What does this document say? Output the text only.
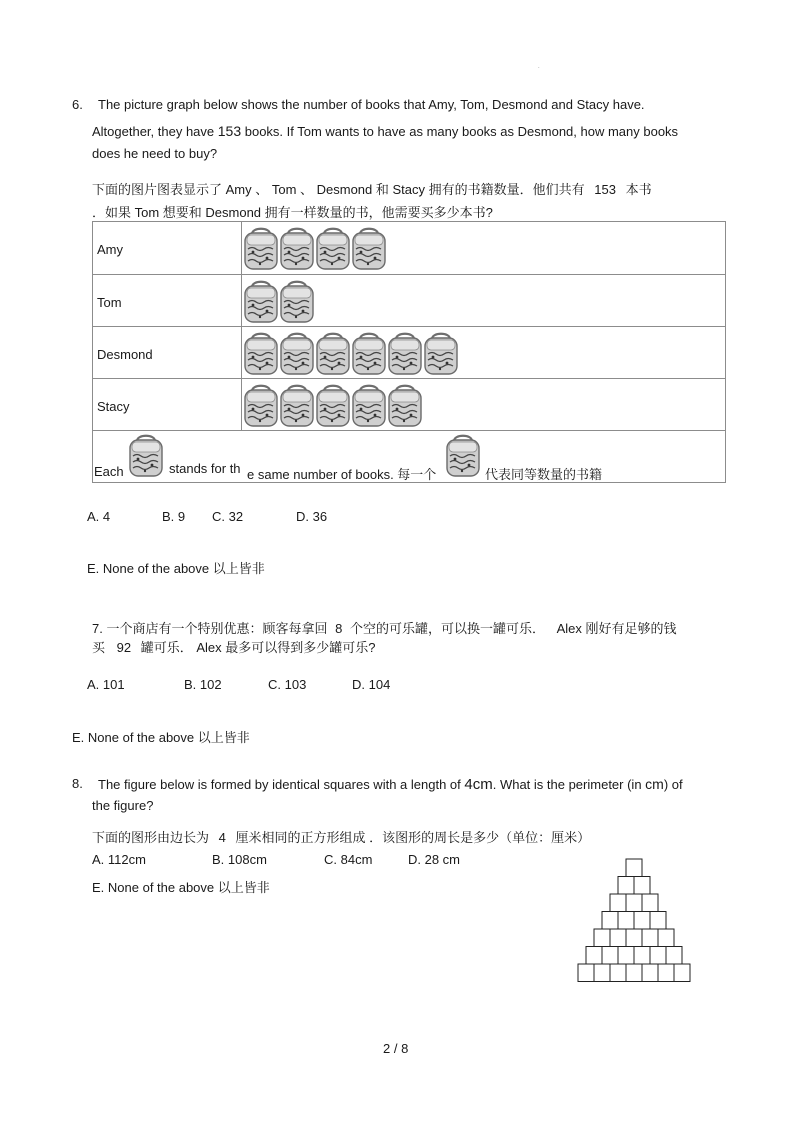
.
6. The picture graph below shows the number of books that Amy, Tom, Desmond and Stacy have.
Altogether, they have 153 books. If Tom wants to have as many books as Desmond, how many books
does he need to buy?
下面的图片图表显示了 Amy 、 Tom 、 Desmond 和 Stacy 拥有的书籍数量．他们共有 153 本书
．如果 Tom 想要和 Desmond 拥有一样数量的书，他需要买多少本书?
Amy
Tom
Desmond
Stacy
Each	stands for th e same number of books. 每一个	代表同等数量的书籍
A. 4	B. 9 C. 32	D. 36
E. None of the above 以上皆非
7. 一个商店有一个特别优惠：顾客每拿回 8 个空的可乐罐，可以换一罐可乐． Alex 刚好有足够的钱
买 92 罐可乐． Alex 最多可以得到多少罐可乐?
A. 101	B. 102	C. 103	D. 104
E. None of the above 以上皆非
8. The figure below is formed by identical squares with a length of 4cm. What is the perimeter (in cm) of
the figure?
下面的图形由边长为 4 厘米相同的正方形组成 ．该图形的周长是多少（单位：厘米）
A. 112cm	B. 108cm	C. 84cm	D. 28 cm
E. None of the above 以上皆非
2 / 8
